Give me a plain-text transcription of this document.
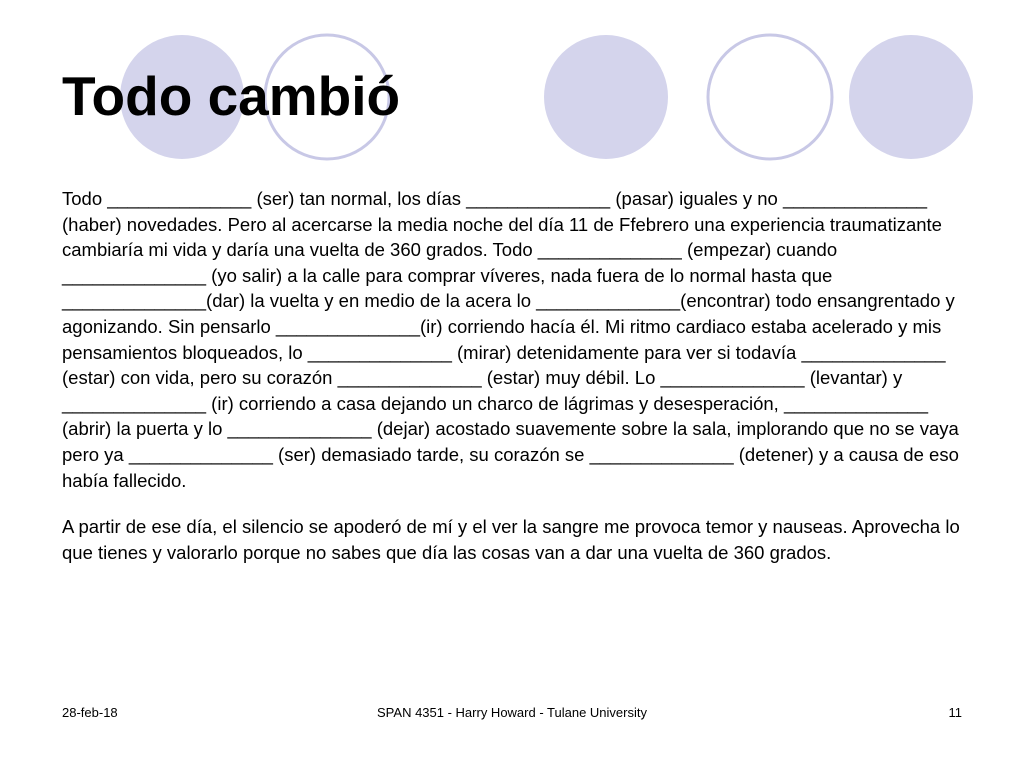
Todo cambió

Todo ______________ (ser) tan normal, los días ______________ (pasar) iguales y no ______________ (haber) novedades. Pero al acercarse la media noche del día 11 de Ffebrero una experiencia traumatizante cambiaría mi vida y daría una vuelta de 360 grados. Todo ______________ (empezar) cuando ______________ (yo salir) a la calle para comprar víveres, nada fuera de lo normal hasta que ______________(dar) la vuelta y en medio de la acera lo ______________(encontrar) todo ensangrentado y agonizando. Sin pensarlo ______________(ir) corriendo hacía él. Mi ritmo cardiaco estaba acelerado y mis pensamientos bloqueados, lo ______________ (mirar) detenidamente para ver si todavía ______________ (estar) con vida, pero su corazón ______________ (estar) muy débil. Lo ______________ (levantar) y ______________ (ir) corriendo a casa dejando un charco de lágrimas y desesperación, ______________ (abrir) la puerta y lo ______________ (dejar) acostado suavemente sobre la sala, implorando que no se vaya pero ya ______________ (ser) demasiado tarde, su corazón se ______________ (detener) y a causa de eso había fallecido.

A partir de ese día, el silencio se apoderó de mí y el ver la sangre me provoca temor y nauseas. Aprovecha lo que tienes y valorarlo porque no sabes que día las cosas van a dar una vuelta de 360 grados.

SPAN 4351 - Harry Howard - Tulane University
28-feb-18	11
